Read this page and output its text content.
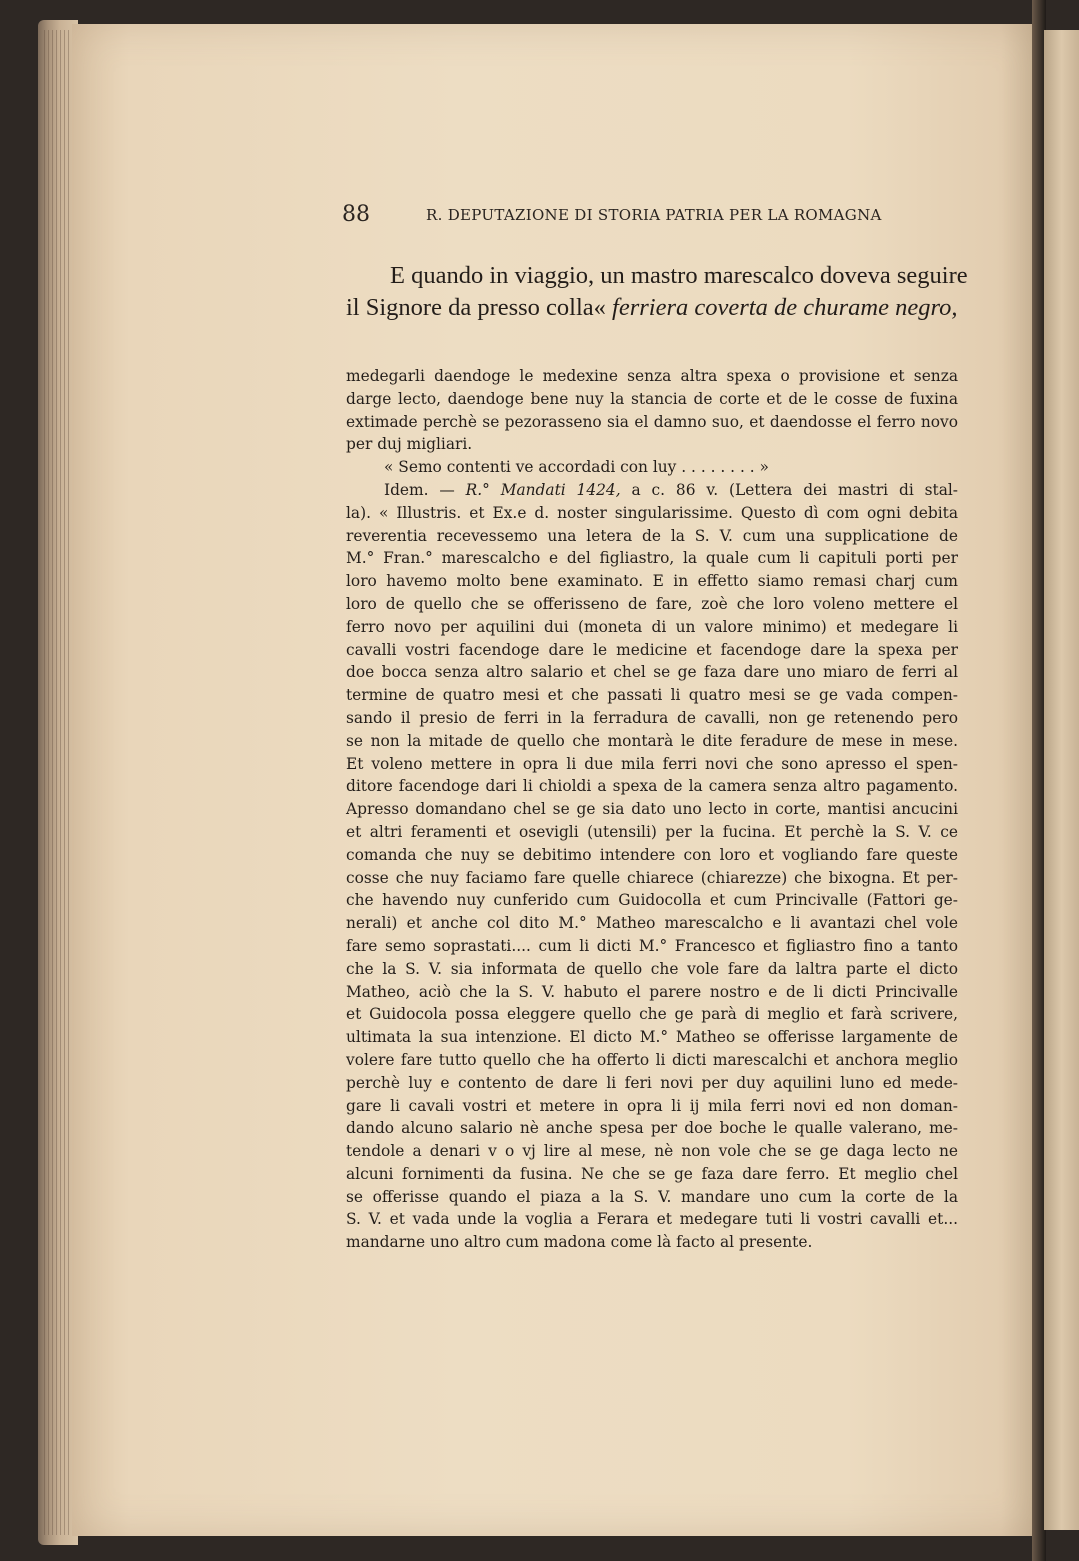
88	R. DEPUTAZIONE DI STORIA PATRIA PER LA ROMAGNA
E quando in viaggio, un mastro marescalco doveva seguire
il Signore da presso colla« ferriera coverta de churame negro,
medegarli daendoge le medexine senza altra spexa o provisione et senza
darge lecto, daendoge bene nuy la stancia de corte et de le cosse de fuxina
extimade perchè se pezorasseno sia el damno suo, et daendosse el ferro novo
per duj migliari.
« Semo contenti ve accordadi con luy . . . . . . . . »
Idem. — R.° Mandati 1424, a c. 86 v. (Lettera dei mastri di stal-
la). « Illustris. et Ex.e d. noster singularissime. Questo dì com ogni debita
reverentia recevessemo una letera de la S. V. cum una supplicatione de
M.° Fran.° marescalcho e del figliastro, la quale cum li capituli porti per
loro havemo molto bene examinato. E in effetto siamo remasi charj cum
loro de quello che se offerisseno de fare, zoè che loro voleno mettere el
ferro novo per aquilini dui (moneta di un valore minimo) et medegare li
cavalli vostri facendoge dare le medicine et facendoge dare la spexa per
doe bocca senza altro salario et chel se ge faza dare uno miaro de ferri al
termine de quatro mesi et che passati li quatro mesi se ge vada compen-
sando il presio de ferri in la ferradura de cavalli, non ge retenendo pero
se non la mitade de quello che montarà le dite feradure de mese in mese.
Et voleno mettere in opra li due mila ferri novi che sono apresso el spen-
ditore facendoge dari li chioldi a spexa de la camera senza altro pagamento.
Apresso domandano chel se ge sia dato uno lecto in corte, mantisi ancucini
et altri feramenti et osevigli (utensili) per la fucina. Et perchè la S. V. ce
comanda che nuy se debitimo intendere con loro et vogliando fare queste
cosse che nuy faciamo fare quelle chiarece (chiarezze) che bixogna. Et per-
che havendo nuy cunferido cum Guidocolla et cum Princivalle (Fattori ge-
nerali) et anche col dito M.° Matheo marescalcho e li avantazi chel vole
fare semo soprastati.... cum li dicti M.° Francesco et figliastro fino a tanto
che la S. V. sia informata de quello che vole fare da laltra parte el dicto
Matheo, aciò che la S. V. habuto el parere nostro e de li dicti Princivalle
et Guidocola possa eleggere quello che ge parà di meglio et farà scrivere,
ultimata la sua intenzione. El dicto M.° Matheo se offerisse largamente de
volere fare tutto quello che ha offerto li dicti marescalchi et anchora meglio
perchè luy e contento de dare li feri novi per duy aquilini luno ed mede-
gare li cavali vostri et metere in opra li ij mila ferri novi ed non doman-
dando alcuno salario nè anche spesa per doe boche le qualle valerano, me-
tendole a denari v o vj lire al mese, nè non vole che se ge daga lecto ne
alcuni fornimenti da fusina. Ne che se ge faza dare ferro. Et meglio chel
se offerisse quando el piaza a la S. V. mandare uno cum la corte de la
S. V. et vada unde la voglia a Ferara et medegare tuti li vostri cavalli et...
mandarne uno altro cum madona come là facto al presente.
